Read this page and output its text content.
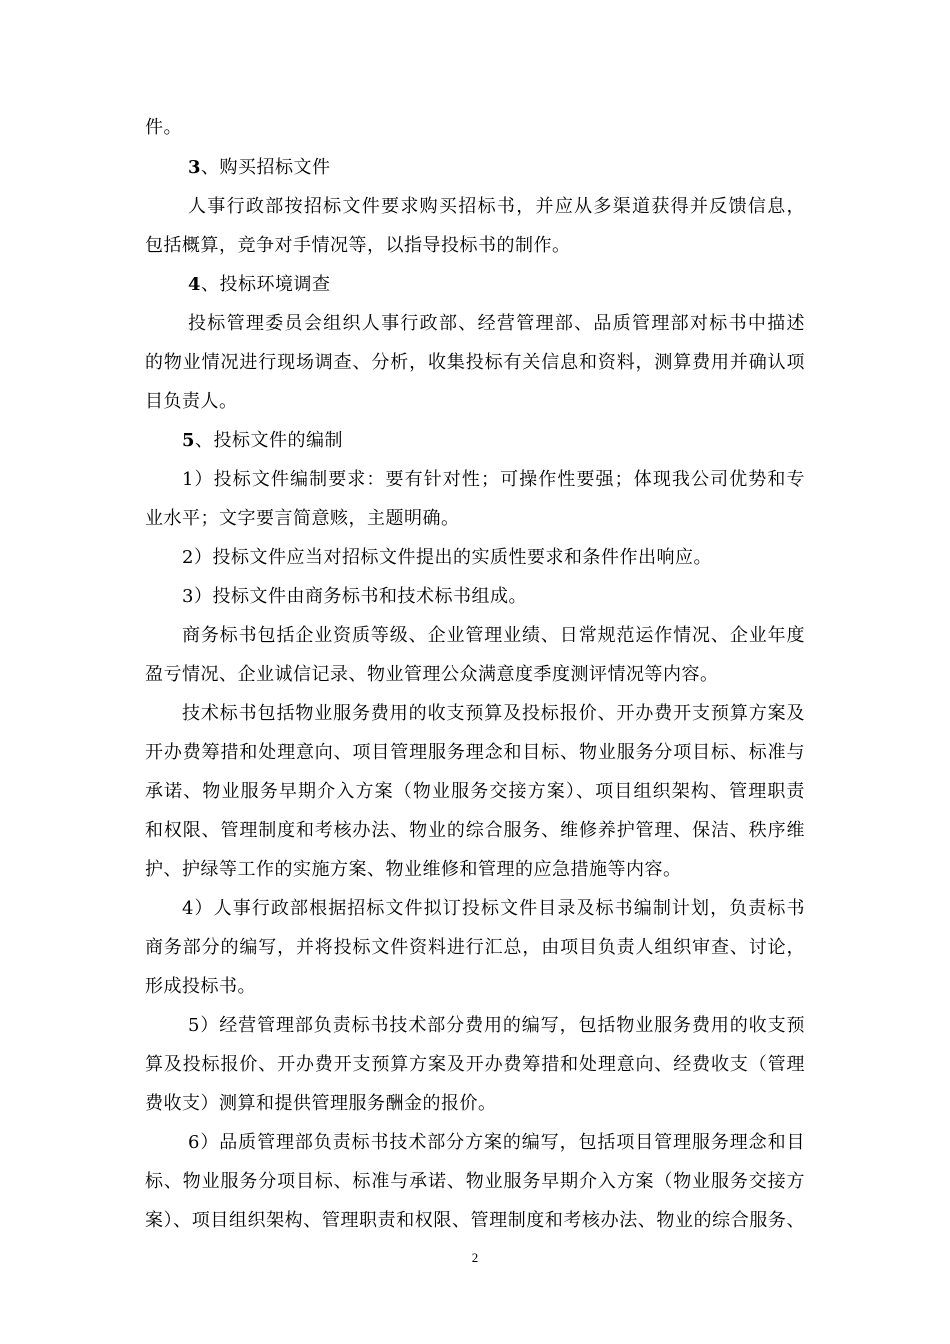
件。
3、购买招标文件
人事行政部按招标文件要求购买招标书，并应从多渠道获得并反馈信息，
包括概算，竞争对手情况等，以指导投标书的制作。
4、投标环境调查
投标管理委员会组织人事行政部、经营管理部、品质管理部对标书中描述
的物业情况进行现场调查、分析，收集投标有关信息和资料，测算费用并确认项
目负责人。
5、投标文件的编制
1）投标文件编制要求：要有针对性；可操作性要强；体现我公司优势和专
业水平；文字要言简意赅，主题明确。
2）投标文件应当对招标文件提出的实质性要求和条件作出响应。
3）投标文件由商务标书和技术标书组成。
商务标书包括企业资质等级、企业管理业绩、日常规范运作情况、企业年度
盈亏情况、企业诚信记录、物业管理公众满意度季度测评情况等内容。
技术标书包括物业服务费用的收支预算及投标报价、开办费开支预算方案及
开办费筹措和处理意向、项目管理服务理念和目标、物业服务分项目标、标准与
承诺、物业服务早期介入方案（物业服务交接方案）、项目组织架构、管理职责
和权限、管理制度和考核办法、物业的综合服务、维修养护管理、保洁、秩序维
护、护绿等工作的实施方案、物业维修和管理的应急措施等内容。
4）人事行政部根据招标文件拟订投标文件目录及标书编制计划，负责标书
商务部分的编写，并将投标文件资料进行汇总，由项目负责人组织审查、讨论，
形成投标书。
5）经营管理部负责标书技术部分费用的编写，包括物业服务费用的收支预
算及投标报价、开办费开支预算方案及开办费筹措和处理意向、经费收支（管理
费收支）测算和提供管理服务酬金的报价。
6）品质管理部负责标书技术部分方案的编写，包括项目管理服务理念和目
标、物业服务分项目标、标准与承诺、物业服务早期介入方案（物业服务交接方
案）、项目组织架构、管理职责和权限、管理制度和考核办法、物业的综合服务、
2
